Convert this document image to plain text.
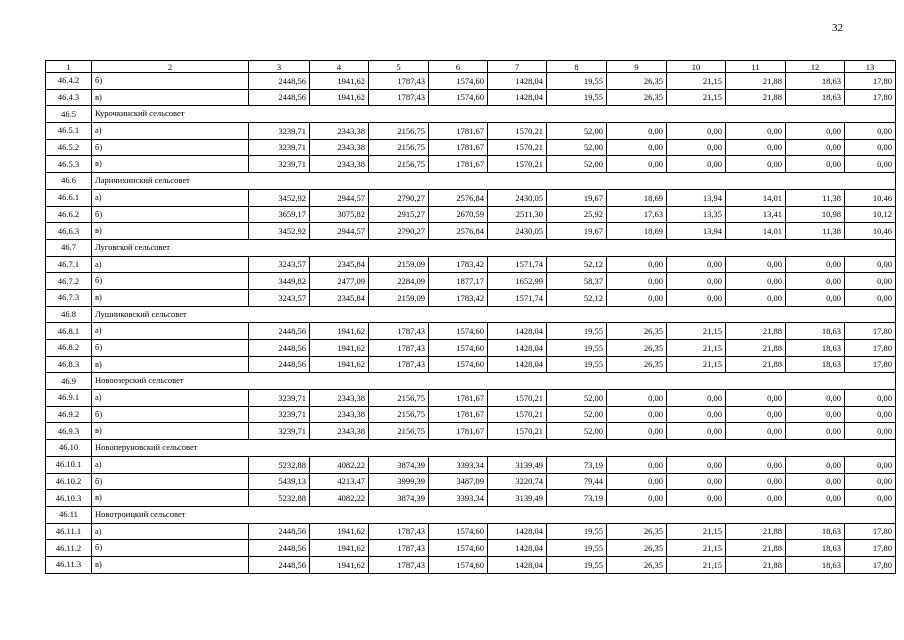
32
1	2	3	4	5	6	7	8	9	10	11	12	13
46.4.2	б)	2448,56	1941,62	1787,43	1574,60	1428,04	19,55	26,35	21,15	21,88	18,63	17,80
46.4.3	в)	2448,56	1941,62	1787,43	1574,60	1428,04	19,55	26,35	21,15	21,88	18,63	17,80
46.5	Курочкинский сельсовет											
46.5.1	а)	3239,71	2343,38	2156,75	1781,67	1570,21	52,00	0,00	0,00	0,00	0,00	0,00
46.5.2	б)	3239,71	2343,38	2156,75	1781,67	1570,21	52,00	0,00	0,00	0,00	0,00	0,00
46.5.3	в)	3239,71	2343,38	2156,75	1781,67	1570,21	52,00	0,00	0,00	0,00	0,00	0,00
46.6	Ларичихинский сельсовет											
46.6.1	а)	3452,92	2944,57	2790,27	2576,84	2430,05	19,67	18,69	13,94	14,01	11,38	10,46
46.6.2	б)	3659,17	3075,82	2915,27	2670,59	2511,30	25,92	17,63	13,35	13,41	10,98	10,12
46.6.3	в)	3452,92	2944,57	2790,27	2576,84	2430,05	19,67	18,69	13,94	14,01	11,38	10,46
46.7	Луговской сельсовет											
46.7.1	а)	3243,57	2345,84	2159,09	1783,42	1571,74	52,12	0,00	0,00	0,00	0,00	0,00
46.7.2	б)	3449,82	2477,09	2284,09	1877,17	1652,99	58,37	0,00	0,00	0,00	0,00	0,00
46.7.3	в)	3243,57	2345,84	2159,09	1783,42	1571,74	52,12	0,00	0,00	0,00	0,00	0,00
46.8	Лушниковский сельсовет											
46.8.1	а)	2448,56	1941,62	1787,43	1574,60	1428,04	19,55	26,35	21,15	21,88	18,63	17,80
46.8.2	б)	2448,56	1941,62	1787,43	1574,60	1428,04	19,55	26,35	21,15	21,88	18,63	17,80
46.8.3	в)	2448,56	1941,62	1787,43	1574,60	1428,04	19,55	26,35	21,15	21,88	18,63	17,80
46.9	Новоозерский сельсовет											
46.9.1	а)	3239,71	2343,38	2156,75	1781,67	1570,21	52,00	0,00	0,00	0,00	0,00	0,00
46.9.2	б)	3239,71	2343,38	2156,75	1781,67	1570,21	52,00	0,00	0,00	0,00	0,00	0,00
46.9.3	в)	3239,71	2343,38	2156,75	1781,67	1570,21	52,00	0,00	0,00	0,00	0,00	0,00
46.10	Новоперуновский сельсовет											
46.10.1	а)	5232,88	4082,22	3874,39	3393,34	3139,49	73,19	0,00	0,00	0,00	0,00	0,00
46.10.2	б)	5439,13	4213,47	3999,39	3487,09	3220,74	79,44	0,00	0,00	0,00	0,00	0,00
46.10.3	в)	5232,88	4082,22	3874,39	3393,34	3139,49	73,19	0,00	0,00	0,00	0,00	0,00
46.11	Новотроицкий сельсовет											
46.11.1	а)	2448,56	1941,62	1787,43	1574,60	1428,04	19,55	26,35	21,15	21,88	18,63	17,80
46.11.2	б)	2448,56	1941,62	1787,43	1574,60	1428,04	19,55	26,35	21,15	21,88	18,63	17,80
46.11.3	в)	2448,56	1941,62	1787,43	1574,60	1428,04	19,55	26,35	21,15	21,88	18,63	17,80
